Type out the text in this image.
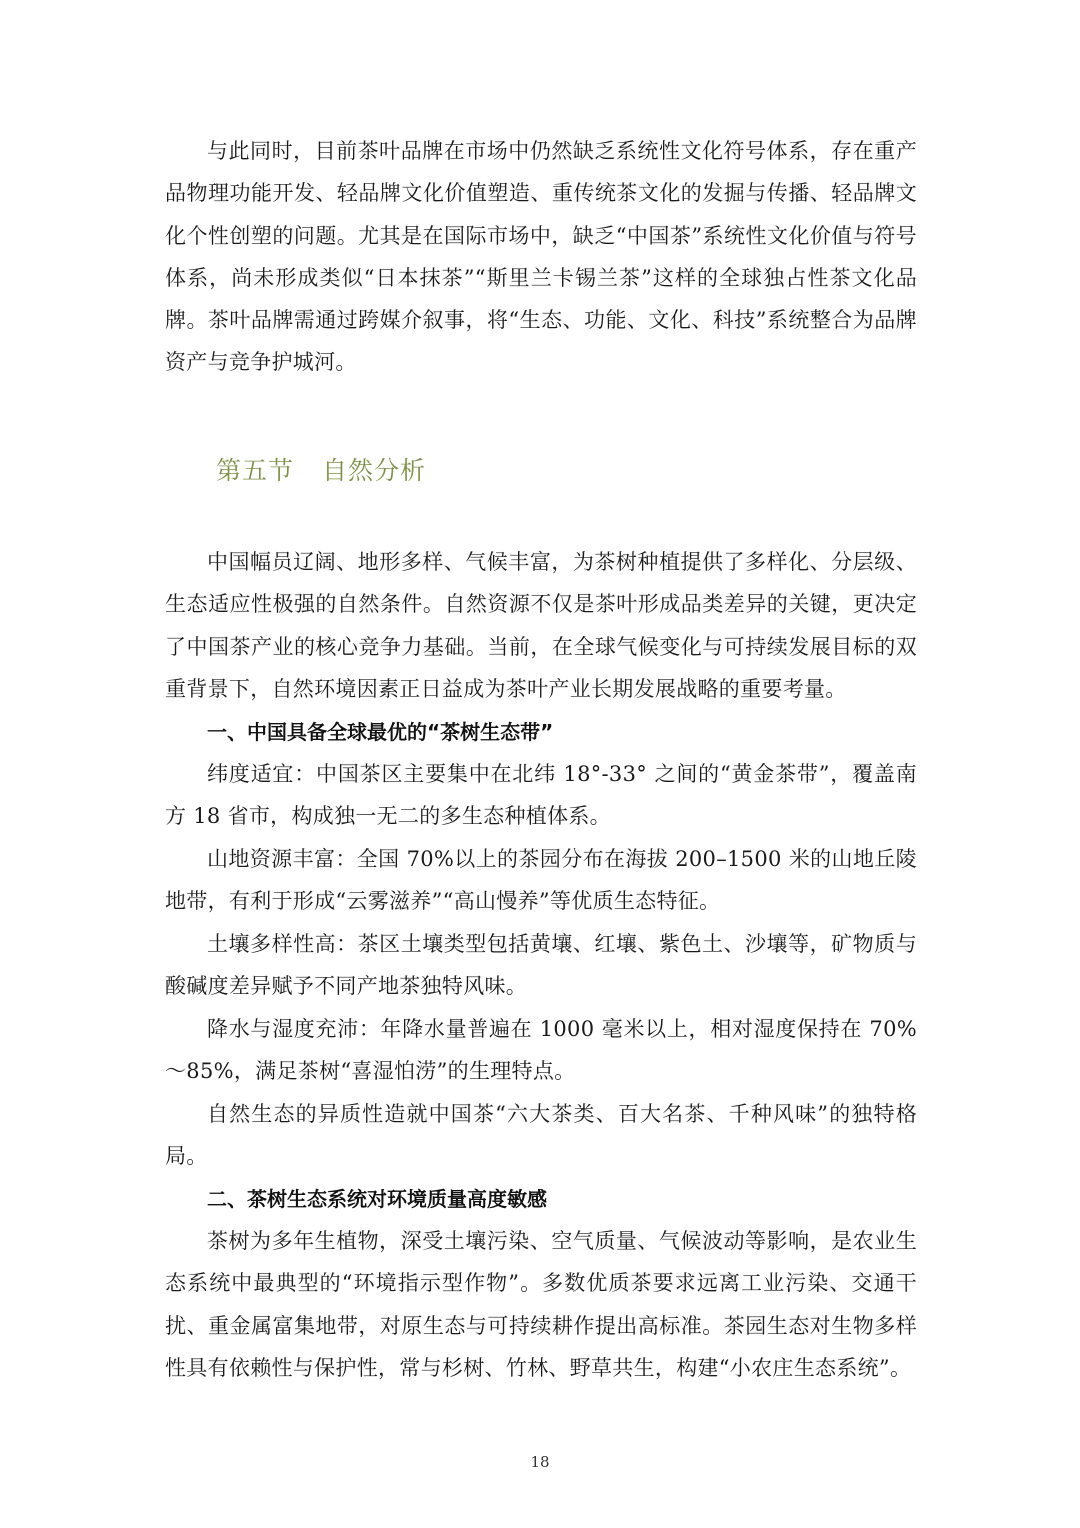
与此同时，目前茶叶品牌在市场中仍然缺乏系统性文化符号体系，存在重产品物理功能开发、轻品牌文化价值塑造、重传统茶文化的发掘与传播、轻品牌文化个性创塑的问题。尤其是在国际市场中，缺乏“中国茶”系统性文化价值与符号体系，尚未形成类似“日本抹茶”“斯里兰卡锡兰茶”这样的全球独占性茶文化品牌。茶叶品牌需通过跨媒介叙事，将“生态、功能、文化、科技”系统整合为品牌资产与竞争护城河。

第五节 自然分析

中国幅员辽阔、地形多样、气候丰富，为茶树种植提供了多样化、分层级、生态适应性极强的自然条件。自然资源不仅是茶叶形成品类差异的关键，更决定了中国茶产业的核心竞争力基础。当前，在全球气候变化与可持续发展目标的双重背景下，自然环境因素正日益成为茶叶产业长期发展战略的重要考量。

一、中国具备全球最优的“茶树生态带”

纬度适宜：中国茶区主要集中在北纬 18°-33° 之间的“黄金茶带”，覆盖南方 18 省市，构成独一无二的多生态种植体系。

山地资源丰富：全国 70%以上的茶园分布在海拔 200–1500 米的山地丘陵地带，有利于形成“云雾滋养”“高山慢养”等优质生态特征。

土壤多样性高：茶区土壤类型包括黄壤、红壤、紫色土、沙壤等，矿物质与酸碱度差异赋予不同产地茶独特风味。

降水与湿度充沛：年降水量普遍在 1000 毫米以上，相对湿度保持在 70%～85%，满足茶树“喜湿怕涝”的生理特点。

自然生态的异质性造就中国茶“六大茶类、百大名茶、千种风味”的独特格局。

二、茶树生态系统对环境质量高度敏感

茶树为多年生植物，深受土壤污染、空气质量、气候波动等影响，是农业生态系统中最典型的“环境指示型作物”。多数优质茶要求远离工业污染、交通干扰、重金属富集地带，对原生态与可持续耕作提出高标准。茶园生态对生物多样性具有依赖性与保护性，常与杉树、竹林、野草共生，构建“小农庄生态系统”。

18
